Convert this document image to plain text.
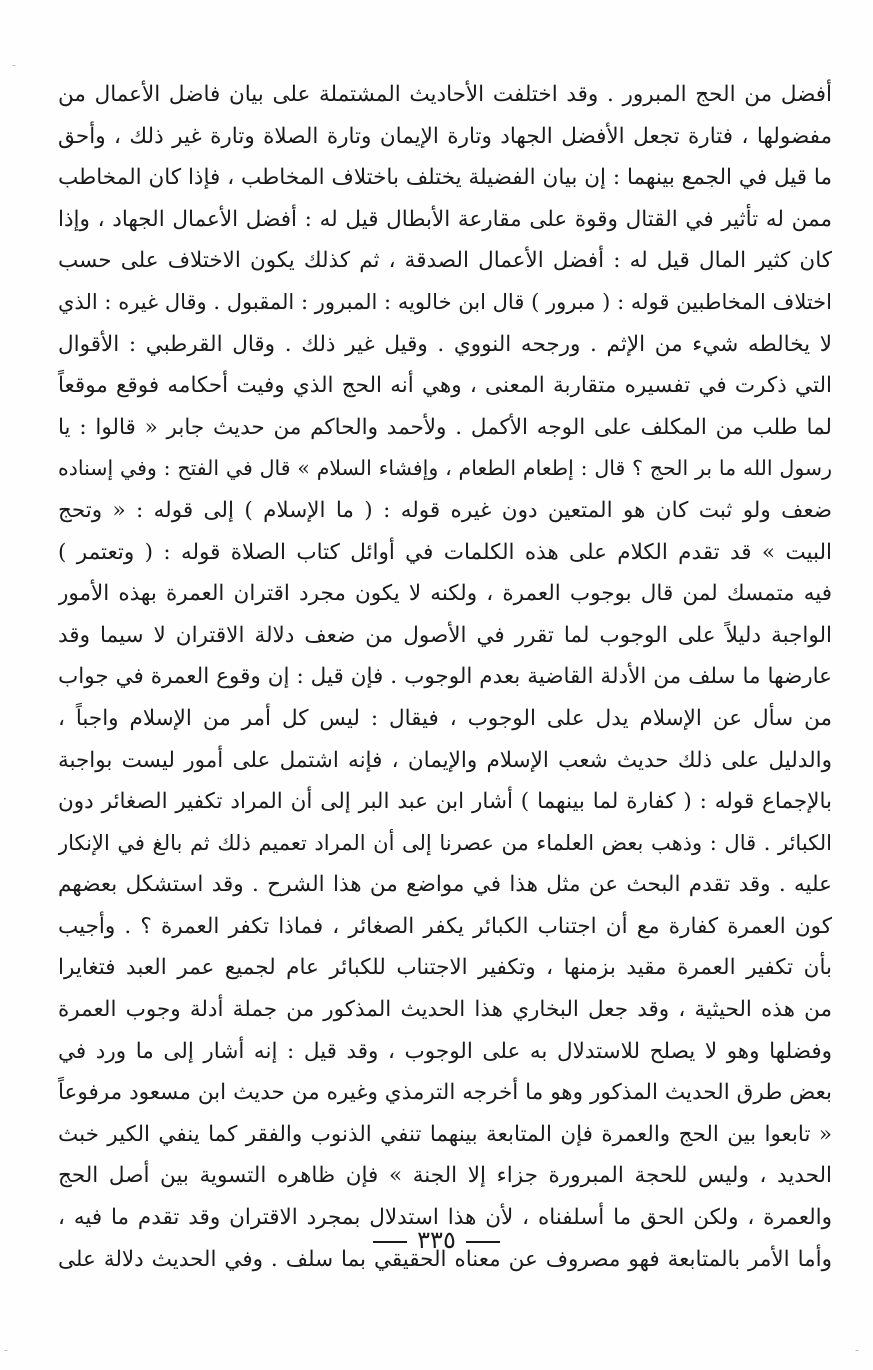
-
-	-
أفضل من الحج المبرور . وقد اختلفت الأحاديث المشتملة على بيان فاضل الأعمال من
مفضولها ، فتارة تجعل الأفضل الجهاد وتارة الإيمان وتارة الصلاة وتارة غير ذلك ، وأحق
ما قيل في الجمع بينهما : إن بيان الفضيلة يختلف باختلاف المخاطب ، فإذا كان المخاطب
ممن له تأثير في القتال وقوة على مقارعة الأبطال قيل له : أفضل الأعمال الجهاد ، وإذا
كان كثير المال قيل له : أفضل الأعمال الصدقة ، ثم كذلك يكون الاختلاف على حسب
اختلاف المخاطبين قوله : ( مبرور ) قال ابن خالويه : المبرور : المقبول . وقال غيره : الذي
لا يخالطه شيء من الإثم . ورجحه النووي . وقيل غير ذلك . وقال القرطبي : الأقوال
التي ذكرت في تفسيره متقاربة المعنى ، وهي أنه الحج الذي وفيت أحكامه فوقع موقعاً
لما طلب من المكلف على الوجه الأكمل . ولأحمد والحاكم من حديث جابر « قالوا : يا
رسول الله ما بر الحج ؟ قال : إطعام الطعام ، وإفشاء السلام » قال في الفتح : وفي إسناده
ضعف ولو ثبت كان هو المتعين دون غيره قوله : ( ما الإسلام ) إلى قوله : « وتحج
البيت » قد تقدم الكلام على هذه الكلمات في أوائل كتاب الصلاة قوله : ( وتعتمر )
فيه متمسك لمن قال بوجوب العمرة ، ولكنه لا يكون مجرد اقتران العمرة بهذه الأمور
الواجبة دليلاً على الوجوب لما تقرر في الأصول من ضعف دلالة الاقتران لا سيما وقد
عارضها ما سلف من الأدلة القاضية بعدم الوجوب . فإن قيل : إن وقوع العمرة في جواب
من سأل عن الإسلام يدل على الوجوب ، فيقال : ليس كل أمر من الإسلام واجباً ،
والدليل على ذلك حديث شعب الإسلام والإيمان ، فإنه اشتمل على أمور ليست بواجبة
بالإجماع قوله : ( كفارة لما بينهما ) أشار ابن عبد البر إلى أن المراد تكفير الصغائر دون
الكبائر . قال : وذهب بعض العلماء من عصرنا إلى أن المراد تعميم ذلك ثم بالغ في الإنكار
عليه . وقد تقدم البحث عن مثل هذا في مواضع من هذا الشرح . وقد استشكل بعضهم
كون العمرة كفارة مع أن اجتناب الكبائر يكفر الصغائر ، فماذا تكفر العمرة ؟ . وأجيب
بأن تكفير العمرة مقيد بزمنها ، وتكفير الاجتناب للكبائر عام لجميع عمر العبد فتغايرا
من هذه الحيثية ، وقد جعل البخاري هذا الحديث المذكور من جملة أدلة وجوب العمرة
وفضلها وهو لا يصلح للاستدلال به على الوجوب ، وقد قيل : إنه أشار إلى ما ورد في
بعض طرق الحديث المذكور وهو ما أخرجه الترمذي وغيره من حديث ابن مسعود مرفوعاً
« تابعوا بين الحج والعمرة فإن المتابعة بينهما تنفي الذنوب والفقر كما ينفي الكير خبث
الحديد ، وليس للحجة المبرورة جزاء إلا الجنة » فإن ظاهره التسوية بين أصل الحج
والعمرة ، ولكن الحق ما أسلفناه ، لأن هذا استدلال بمجرد الاقتران وقد تقدم ما فيه ،
وأما الأمر بالمتابعة فهو مصروف عن معناه الحقيقي بما سلف . وفي الحديث دلالة على
٣٣٥
